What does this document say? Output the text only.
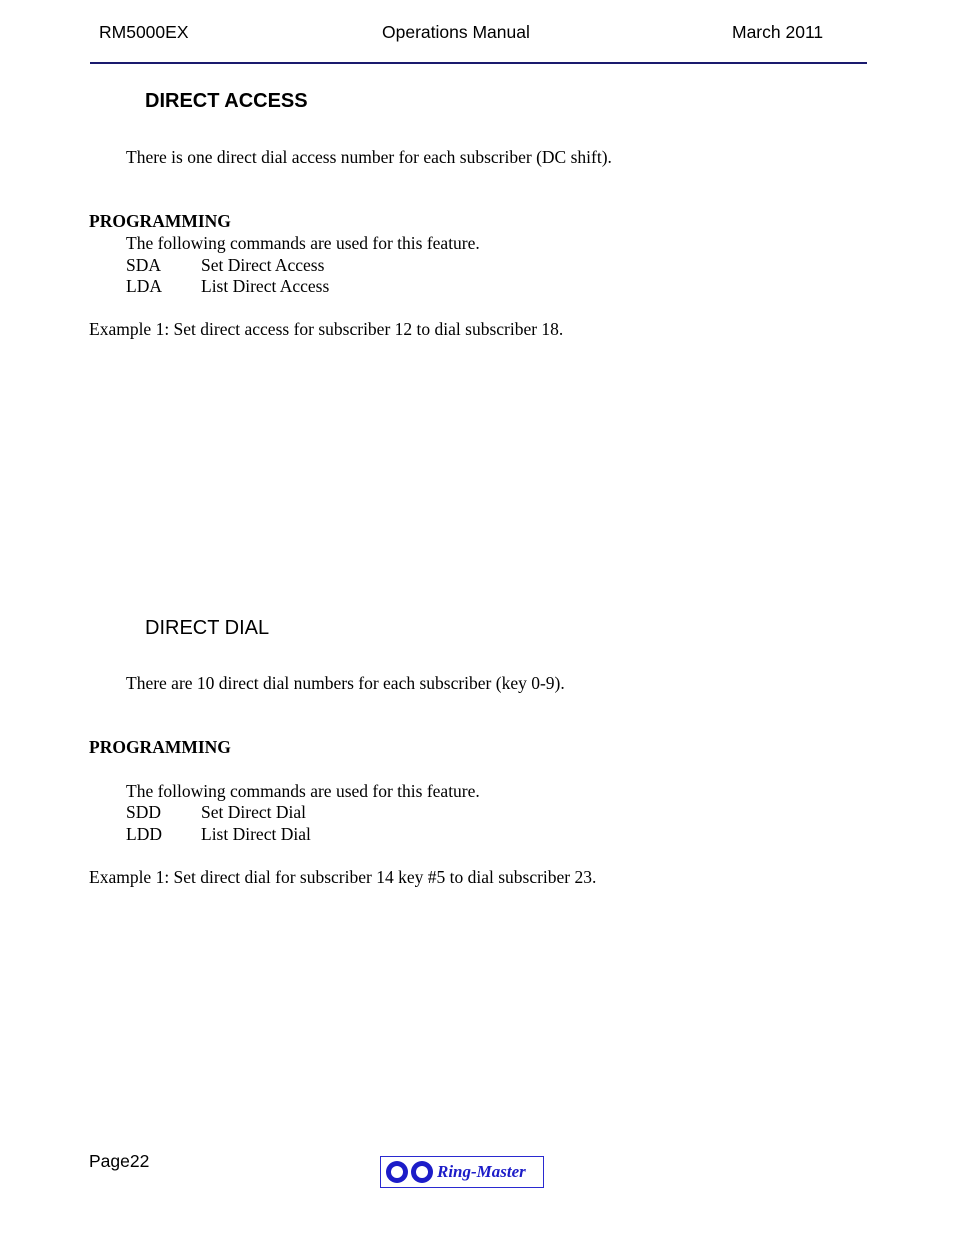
RM5000EX	Operations Manual	March 2011
DIRECT ACCESS
There is one direct dial access number for each subscriber (DC shift).
PROGRAMMING
The following commands are used for this feature.
SDA Set Direct Access
LDA List Direct Access
Example 1: Set direct access for subscriber 12 to dial subscriber 18.
DIRECT DIAL
There are 10 direct dial numbers for each subscriber (key 0-9).
PROGRAMMING
The following commands are used for this feature.
SDD Set Direct Dial
LDD List Direct Dial
Example 1: Set direct dial for subscriber 14 key #5 to dial subscriber 23.
Page22
Ring-Master
